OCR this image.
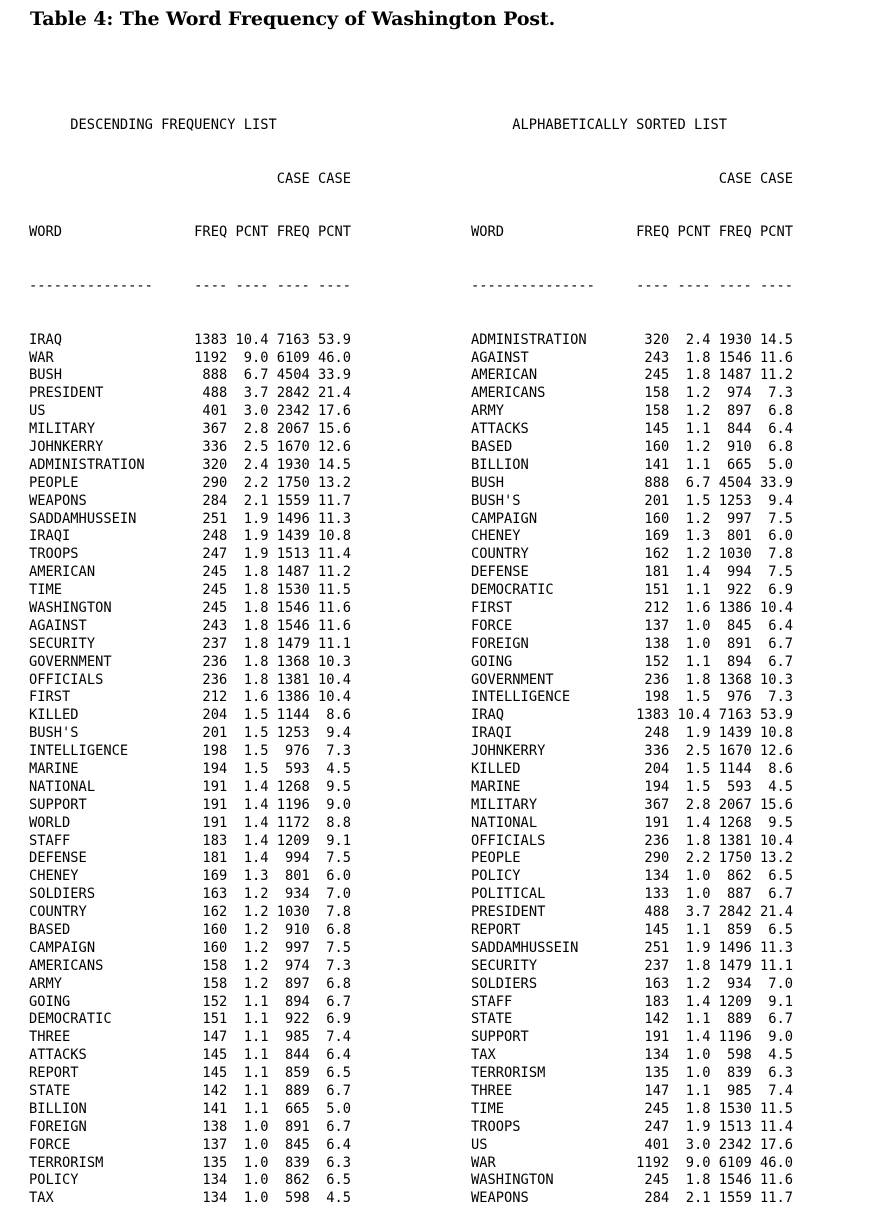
Table 4: The Word Frequency of Washington Post.

DESCENDING FREQUENCY LIST

CASE CASE

WORD	FREQ PCNT FREQ PCNT

---------------	---- ---- ---- ----

IRAQ	1383 10.4 7163 53.9
WAR	1192	9.0 6109 46.0
BUSH	888	6.7 4504 33.9
PRESIDENT	488	3.7 2842 21.4
US	401	3.0 2342 17.6
MILITARY	367	2.8 2067 15.6
JOHNKERRY	336	2.5 1670 12.6
ADMINISTRATION	320	2.4 1930 14.5
PEOPLE	290	2.2 1750 13.2
WEAPONS	284	2.1 1559 11.7
SADDAMHUSSEIN	251	1.9 1496 11.3
IRAQI	248	1.9 1439 10.8
TROOPS	247	1.9 1513 11.4
AMERICAN	245	1.8 1487 11.2
TIME	245	1.8 1530 11.5
WASHINGTON	245	1.8 1546 11.6
AGAINST	243	1.8 1546 11.6
SECURITY	237	1.8 1479 11.1
GOVERNMENT	236	1.8 1368 10.3
OFFICIALS	236	1.8 1381 10.4
FIRST	212	1.6 1386 10.4
KILLED	204	1.5 1144	8.6
BUSH'S	201	1.5 1253	9.4
INTELLIGENCE	198	1.5	976	7.3
MARINE	194	1.5	593	4.5
NATIONAL	191	1.4 1268	9.5
SUPPORT	191	1.4 1196	9.0
WORLD	191	1.4 1172	8.8
STAFF	183	1.4 1209	9.1
DEFENSE	181	1.4	994	7.5
CHENEY	169	1.3	801	6.0
SOLDIERS	163	1.2	934	7.0
COUNTRY	162	1.2 1030	7.8
BASED	160	1.2	910	6.8
CAMPAIGN	160	1.2	997	7.5
AMERICANS	158	1.2	974	7.3
ARMY	158	1.2	897	6.8
GOING	152	1.1	894	6.7
DEMOCRATIC	151	1.1	922	6.9
THREE	147	1.1	985	7.4
ATTACKS	145	1.1	844	6.4
REPORT	145	1.1	859	6.5
STATE	142	1.1	889	6.7
BILLION	141	1.1	665	5.0
FOREIGN	138	1.0	891	6.7
FORCE	137	1.0	845	6.4
TERRORISM	135	1.0	839	6.3
POLICY	134	1.0	862	6.5
TAX	134	1.0	598	4.5

ALPHABETICALLY SORTED LIST

CASE CASE

WORD	FREQ PCNT FREQ PCNT

---------------	---- ---- ---- ----

ADMINISTRATION	320	2.4 1930 14.5
AGAINST	243	1.8 1546 11.6
AMERICAN	245	1.8 1487 11.2
AMERICANS	158	1.2	974	7.3
ARMY	158	1.2	897	6.8
ATTACKS	145	1.1	844	6.4
BASED	160	1.2	910	6.8
BILLION	141	1.1	665	5.0
BUSH	888	6.7 4504 33.9
BUSH'S	201	1.5 1253	9.4
CAMPAIGN	160	1.2	997	7.5
CHENEY	169	1.3	801	6.0
COUNTRY	162	1.2 1030	7.8
DEFENSE	181	1.4	994	7.5
DEMOCRATIC	151	1.1	922	6.9
FIRST	212	1.6 1386 10.4
FORCE	137	1.0	845	6.4
FOREIGN	138	1.0	891	6.7
GOING	152	1.1	894	6.7
GOVERNMENT	236	1.8 1368 10.3
INTELLIGENCE	198	1.5	976	7.3
IRAQ	1383 10.4 7163 53.9
IRAQI	248	1.9 1439 10.8
JOHNKERRY	336	2.5 1670 12.6
KILLED	204	1.5 1144	8.6
MARINE	194	1.5	593	4.5
MILITARY	367	2.8 2067 15.6
NATIONAL	191	1.4 1268	9.5
OFFICIALS	236	1.8 1381 10.4
PEOPLE	290	2.2 1750 13.2
POLICY	134	1.0	862	6.5
POLITICAL	133	1.0	887	6.7
PRESIDENT	488	3.7 2842 21.4
REPORT	145	1.1	859	6.5
SADDAMHUSSEIN	251	1.9 1496 11.3
SECURITY	237	1.8 1479 11.1
SOLDIERS	163	1.2	934	7.0
STAFF	183	1.4 1209	9.1
STATE	142	1.1	889	6.7
SUPPORT	191	1.4 1196	9.0
TAX	134	1.0	598	4.5
TERRORISM	135	1.0	839	6.3
THREE	147	1.1	985	7.4
TIME	245	1.8 1530 11.5
TROOPS	247	1.9 1513 11.4
US	401	3.0 2342 17.6
WAR	1192	9.0 6109 46.0
WASHINGTON	245	1.8 1546 11.6
WEAPONS	284	2.1 1559 11.7
